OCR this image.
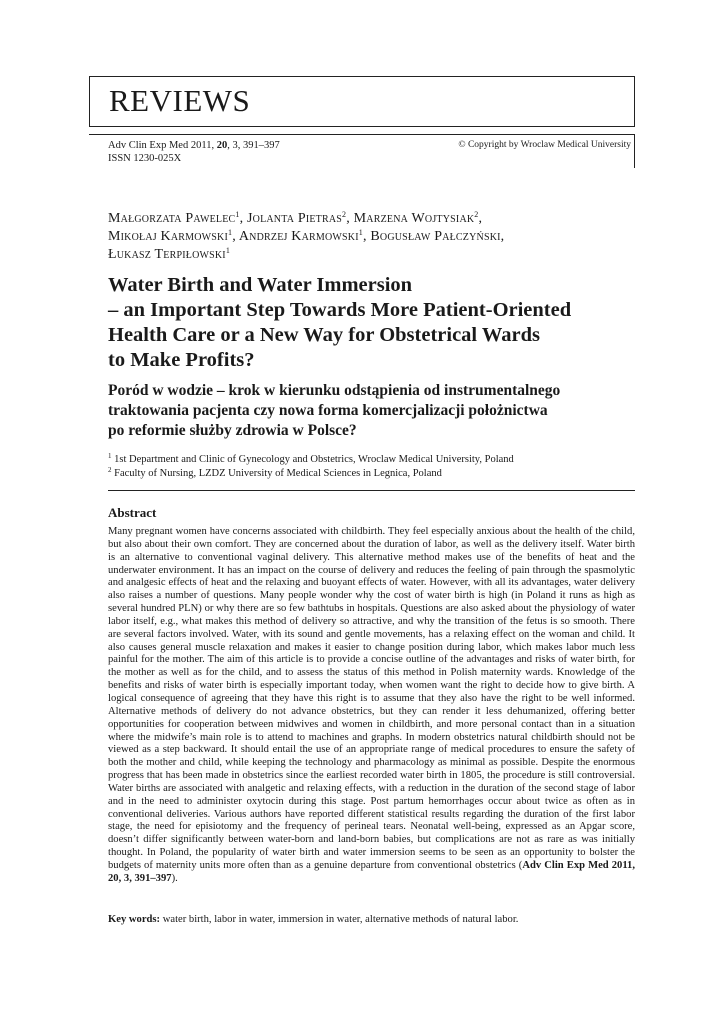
REVIEWS
Adv Clin Exp Med 2011, 20, 3, 391–397
ISSN 1230-025X
© Copyright by Wroclaw Medical University
Małgorzata Pawelec$^1$, Jolanta Pietras$^2$, Marzena Wojtysiak$^2$,
Mikołaj Karmowski$^1$, Andrzej Karmowski$^1$, Bogusław Pałczyński,
Łukasz Terpiłowski$^1$
Water Birth and Water Immersion
– an Important Step Towards More Patient-Oriented
Health Care or a New Way for Obstetrical Wards
to Make Profits?
Poród w wodzie – krok w kierunku odstąpienia od instrumentalnego
traktowania pacjenta czy nowa forma komercjalizacji położnictwa
po reformie służby zdrowia w Polsce?
$^1$ 1st Department and Clinic of Gynecology and Obstetrics, Wroclaw Medical University, Poland
$^2$ Faculty of Nursing, LZDZ University of Medical Sciences in Legnica, Poland
Abstract
Many pregnant women have concerns associated with childbirth. They feel especially anxious about the health of the child, but also about their own comfort. They are concerned about the duration of labor, as well as the delivery itself. Water birth is an alternative to conventional vaginal delivery. This alternative method makes use of the benefits of heat and the underwater environment. It has an impact on the course of delivery and reduces the feeling of pain through the spasmolytic and analgesic effects of heat and the relaxing and buoyant effects of water. However, with all its advantages, water delivery also raises a number of questions. Many people wonder why the cost of water birth is high (in Poland it runs as high as several hundred PLN) or why there are so few bathtubs in hospitals. Questions are also asked about the physiology of water labor itself, e.g., what makes this method of delivery so attractive, and why the transition of the fetus is so smooth. There are several factors involved. Water, with its sound and gentle movements, has a relaxing effect on the woman and child. It also causes general muscle relaxation and makes it easier to change position during labor, which makes labor much less painful for the mother. The aim of this article is to provide a concise outline of the advantages and risks of water birth, for the mother as well as for the child, and to assess the status of this method in Polish maternity wards. Knowledge of the benefits and risks of water birth is especially important today, when women want the right to decide how to give birth. A logical consequence of agreeing that they have this right is to assume that they also have the right to be well informed. Alternative methods of delivery do not advance obstetrics, but they can render it less dehumanized, offering better opportunities for cooperation between midwives and women in childbirth, and more personal contact than in a situation where the midwife’s main role is to attend to machines and graphs. In modern obstetrics natural childbirth should not be viewed as a step backward. It should entail the use of an appropriate range of medical procedures to ensure the safety of both the mother and child, while keeping the technology and pharmacology as minimal as possible. Despite the enormous progress that has been made in obstetrics since the earliest recorded water birth in 1805, the procedure is still controversial. Water births are associated with analgetic and relaxing effects, with a reduction in the duration of the second stage of labor and in the need to administer oxytocin during this stage. Post partum hemorrhages occur about twice as often as in conventional deliveries. Various authors have reported different statistical results regarding the duration of the first labor stage, the need for episiotomy and the frequency of perineal tears. Neonatal well-being, expressed as an Apgar score, doesn’t differ significantly between water-born and land-born babies, but complications are not as rare as was initially thought. In Poland, the popularity of water birth and water immersion seems to be seen as an opportunity to bolster the budgets of maternity units more often than as a genuine departure from conventional obstetrics (Adv Clin Exp Med 2011, 20, 3, 391–397).
Key words: water birth, labor in water, immersion in water, alternative methods of natural labor.
